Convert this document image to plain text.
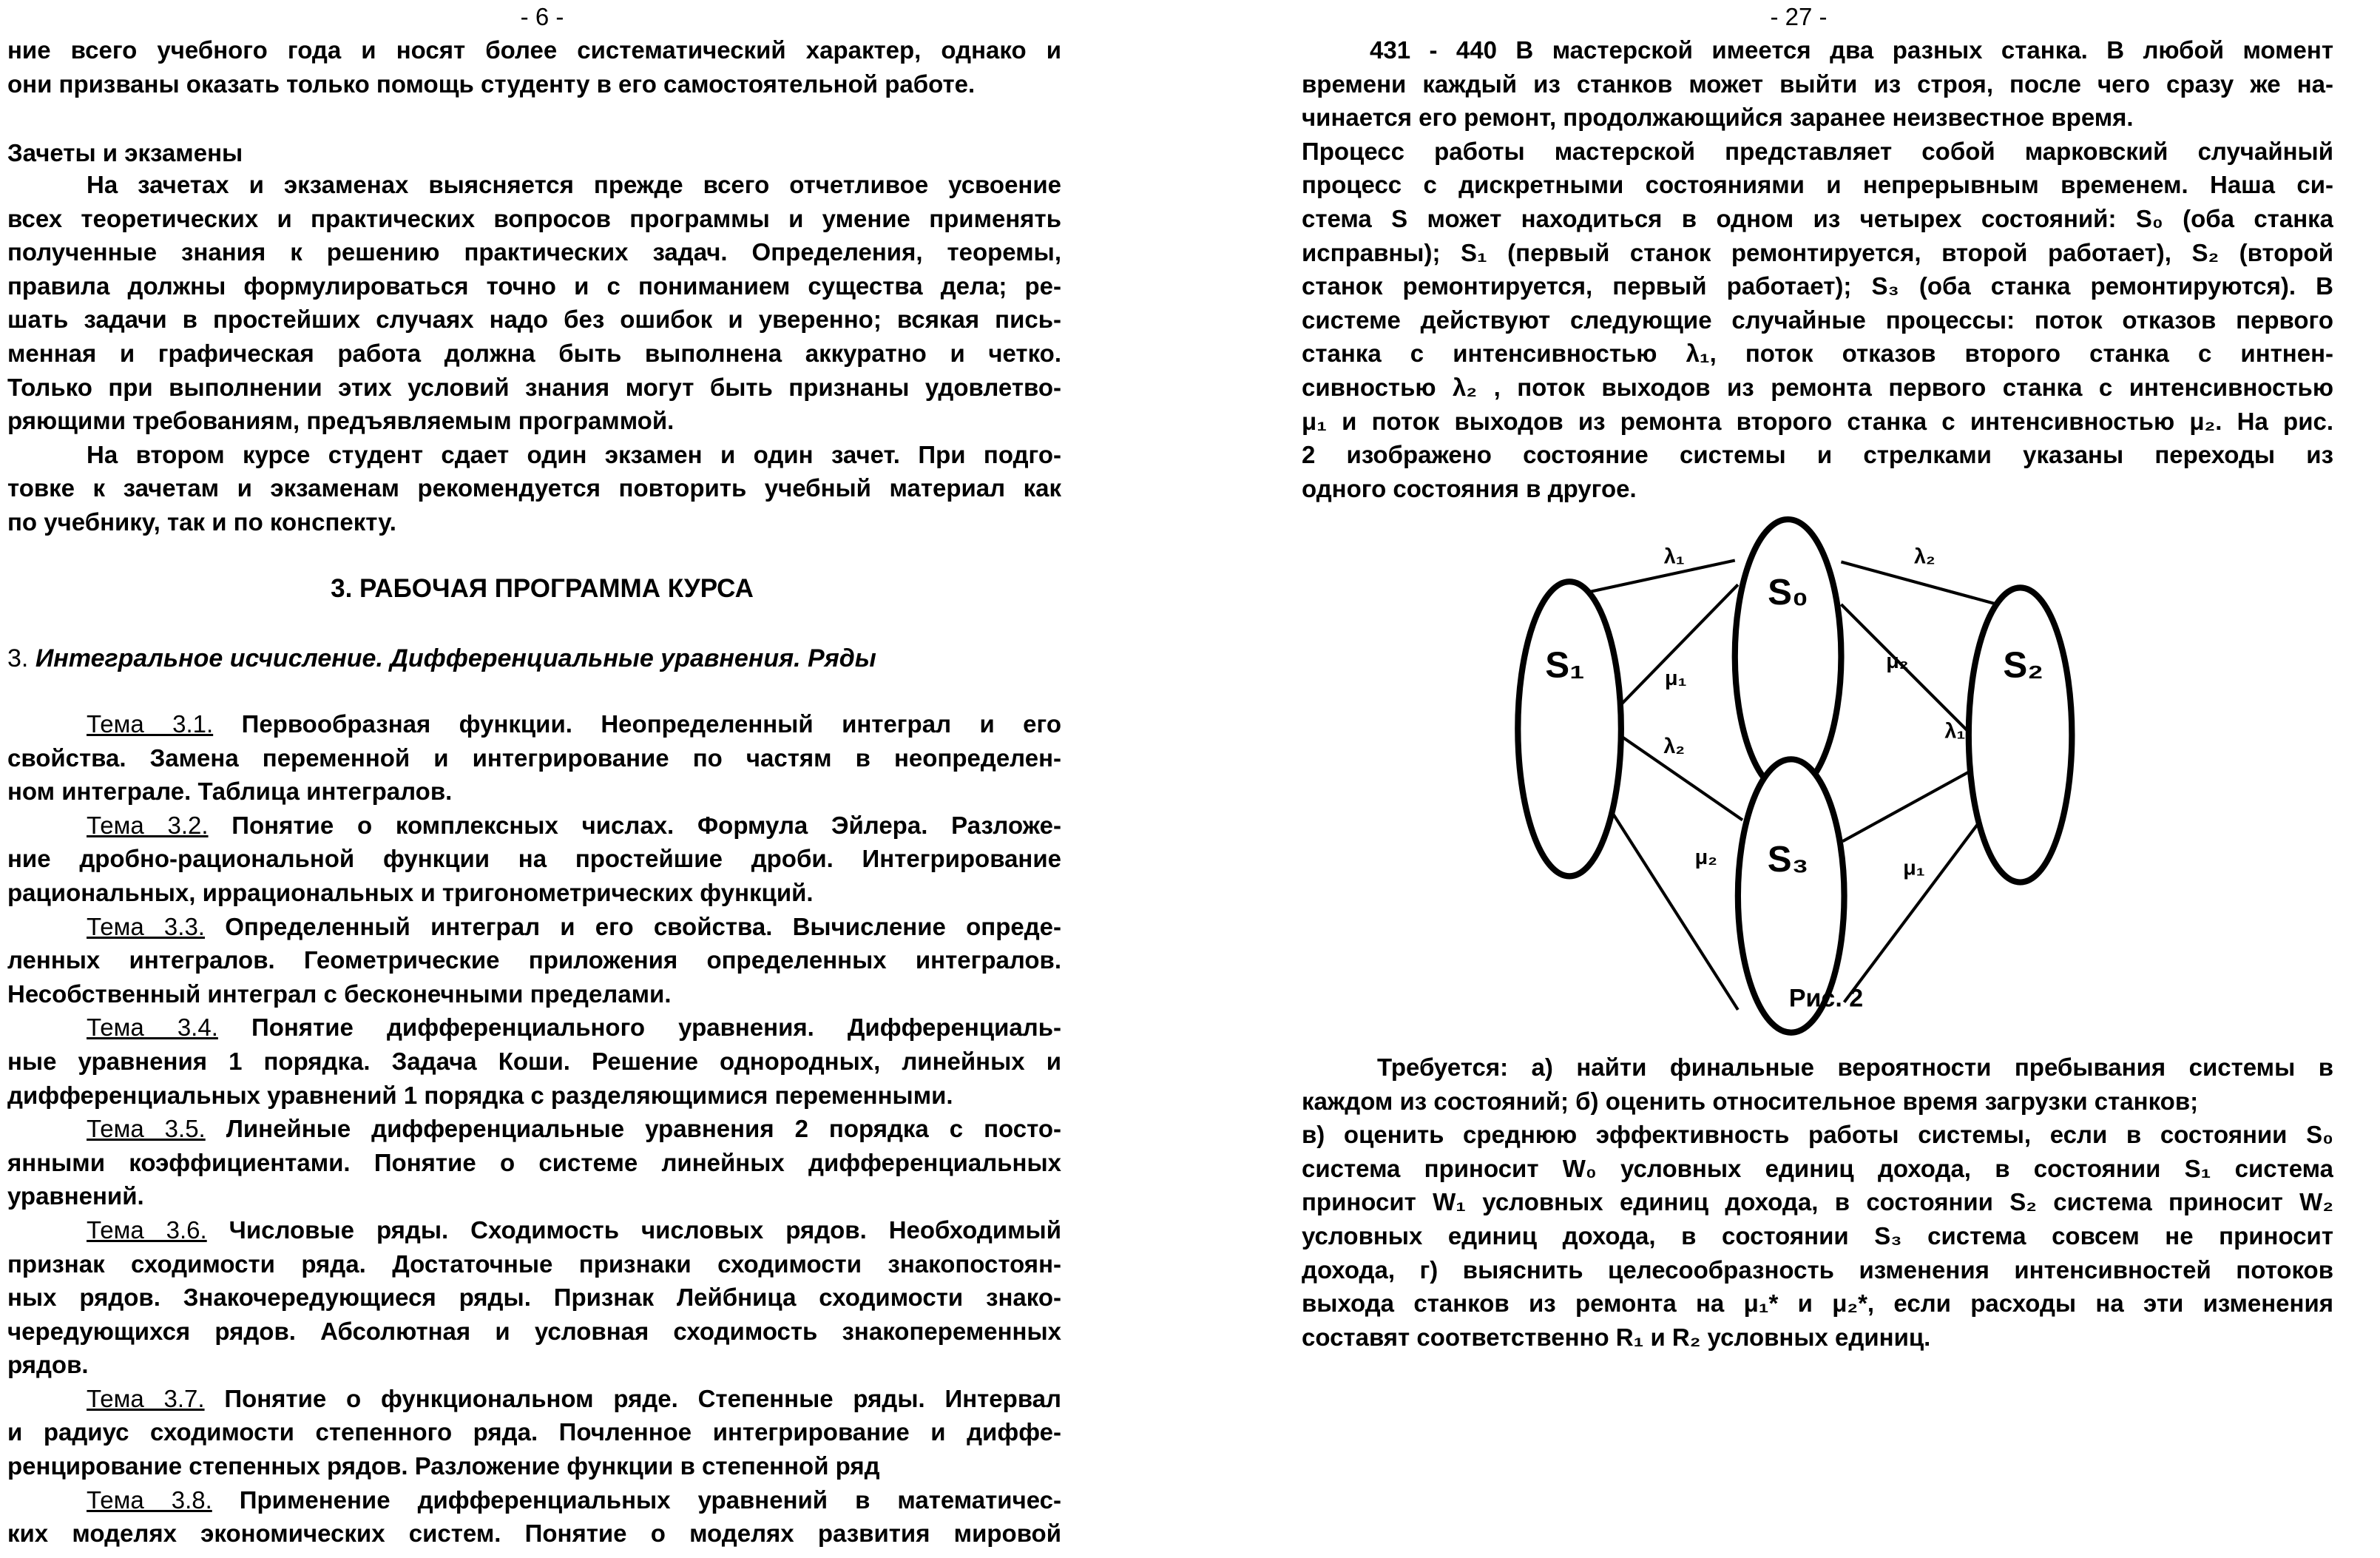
- 6 -
ние всего учебного года и носят более систематический характер, однако и
они призваны оказать только помощь студенту в его самостоятельной работе.
Зачеты и экзамены
На зачетах и экзаменах выясняется прежде всего отчетливое усвоение
всех теоретических и практических вопросов программы и умение применять
полученные знания к решению практических задач. Определения, теоремы,
правила должны формулироваться точно и с пониманием существа дела; ре-
шать задачи в простейших случаях надо без ошибок и уверенно; всякая пись-
менная и графическая работа должна быть выполнена аккуратно и четко.
Только при выполнении этих условий знания могут быть признаны удовлетво-
ряющими требованиям, предъявляемым программой.
На втором курсе студент сдает один экзамен и один зачет. При подго-
товке к зачетам и экзаменам рекомендуется повторить учебный материал как
по учебнику, так и по конспекту.
3. РАБОЧАЯ ПРОГРАММА КУРСА
3. Интегральное исчисление. Дифференциальные уравнения. Ряды
Тема 3.1. Первообразная функции. Неопределенный интеграл и его
свойства. Замена переменной и интегрирование по частям в неопределен-
ном интеграле. Таблица интегралов.
Тема 3.2. Понятие о комплексных числах. Формула Эйлера. Разложе-
ние дробно-рациональной функции на простейшие дроби. Интегрирование
рациональных, иррациональных и тригонометрических функций.
Тема 3.3. Определенный интеграл и его свойства. Вычисление опреде-
ленных интегралов. Геометрические приложения определенных интегралов.
Несобственный интеграл с бесконечными пределами.
Тема 3.4. Понятие дифференциального уравнения. Дифференциаль-
ные уравнения 1 порядка. Задача Коши. Решение однородных, линейных и
дифференциальных уравнений 1 порядка с разделяющимися переменными.
Тема 3.5. Линейные дифференциальные уравнения 2 порядка с посто-
янными коэффициентами. Понятие о системе линейных дифференциальных
уравнений.
Тема 3.6. Числовые ряды. Сходимость числовых рядов. Необходимый
признак сходимости ряда. Достаточные признаки сходимости знакопостоян-
ных рядов. Знакочередующиеся ряды. Признак Лейбница сходимости знако-
чередующихся рядов. Абсолютная и условная сходимость знакопеременных
рядов.
Тема 3.7. Понятие о функциональном ряде. Степенные ряды. Интервал
и радиус сходимости степенного ряда. Почленное интегрирование и диффе-
ренцирование степенных рядов. Разложение функции в степенной ряд
Тема 3.8. Применение дифференциальных уравнений в математичес-
ких моделях экономических систем. Понятие о моделях развития мировой
- 27 -
431 - 440 В мастерской имеется два разных станка. В любой момент
времени каждый из станков может выйти из строя, после чего сразу же на-
чинается его ремонт, продолжающийся заранее неизвестное время.
Процесс работы мастерской представляет собой марковский случайный
процесс с дискретными состояниями и непрерывным временем. Наша си-
стема S может находиться в одном из четырех состояний: S₀ (оба станка
исправны); S₁ (первый станок ремонтируется, второй работает), S₂ (второй
станок ремонтируется, первый работает); S₃ (оба станка ремонтируются). В
системе действуют следующие случайные процессы: поток отказов первого
станка с интенсивностью λ₁, поток отказов второго станка с интнен-
сивностью λ₂ , поток выходов из ремонта первого станка с интенсивностью
μ₁ и поток выходов из ремонта второго станка с интенсивностью μ₂. На рис.
2 изображено состояние системы и стрелками указаны переходы из
одного состояния в другое.
S₀
S₁	S₂
S₃
λ₁	λ₂
μ₁
μ₂
λ₂
λ₁
μ₂	μ₁
Рис. 2
Требуется: а) найти финальные вероятности пребывания системы в
каждом из состояний; б) оценить относительное время загрузки станков;
в) оценить среднюю эффективность работы системы, если в состоянии S₀
система приносит W₀ условных единиц дохода, в состоянии S₁ система
приносит W₁ условных единиц дохода, в состоянии S₂ система приносит W₂
условных единиц дохода, в состоянии S₃ система совсем не приносит
дохода, г) выяснить целесообразность изменения интенсивностей потоков
выхода станков из ремонта на μ₁* и μ₂*, если расходы на эти изменения
составят соответственно R₁ и R₂ условных единиц.
